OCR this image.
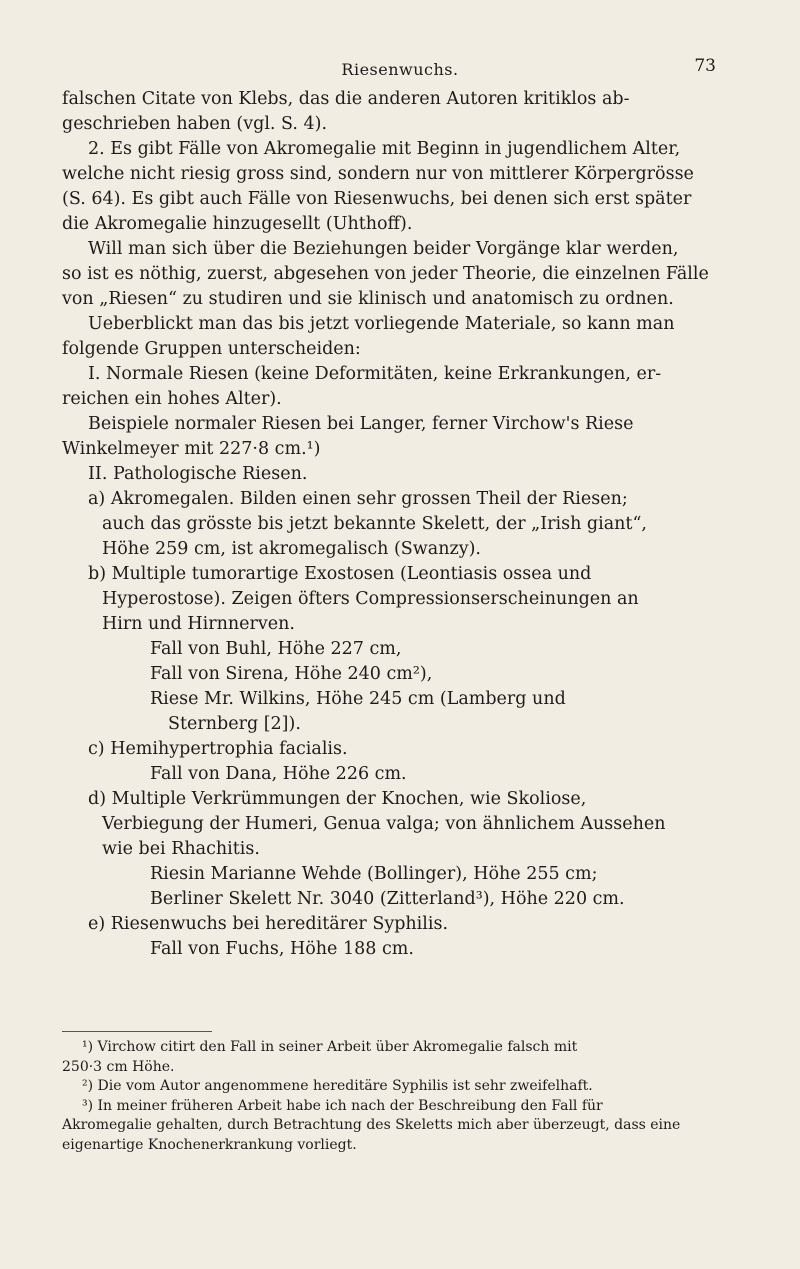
Riesenwuchs.	73

falschen Citate von Klebs, das die anderen Autoren kritiklos ab-

geschrieben haben (vgl. S. 4).

2. Es gibt Fälle von Akromegalie mit Beginn in jugendlichem Alter,

welche nicht riesig gross sind, sondern nur von mittlerer Körpergrösse

(S. 64). Es gibt auch Fälle von Riesenwuchs, bei denen sich erst später

die Akromegalie hinzugesellt (Uhthoff).

Will man sich über die Beziehungen beider Vorgänge klar werden,

so ist es nöthig, zuerst, abgesehen von jeder Theorie, die einzelnen Fälle

von „Riesen“ zu studiren und sie klinisch und anatomisch zu ordnen.

Ueberblickt man das bis jetzt vorliegende Materiale, so kann man

folgende Gruppen unterscheiden:

I. Normale Riesen (keine Deformitäten, keine Erkrankungen, er-

reichen ein hohes Alter).

Beispiele normaler Riesen bei Langer, ferner Virchow's Riese

Winkelmeyer mit 227·8 cm.¹)

II. Pathologische Riesen.

a) Akromegalen. Bilden einen sehr grossen Theil der Riesen;

auch das grösste bis jetzt bekannte Skelett, der „Irish giant“,

Höhe 259 cm, ist akromegalisch (Swanzy).

b) Multiple tumorartige Exostosen (Leontiasis ossea und

Hyperostose). Zeigen öfters Compressionserscheinungen an

Hirn und Hirnnerven.

Fall von Buhl, Höhe 227 cm,

Fall von Sirena, Höhe 240 cm²),

Riese Mr. Wilkins, Höhe 245 cm (Lamberg und

Sternberg [2]).

c) Hemihypertrophia facialis.

Fall von Dana, Höhe 226 cm.

d) Multiple Verkrümmungen der Knochen, wie Skoliose,

Verbiegung der Humeri, Genua valga; von ähnlichem Aussehen

wie bei Rhachitis.

Riesin Marianne Wehde (Bollinger), Höhe 255 cm;

Berliner Skelett Nr. 3040 (Zitterland³), Höhe 220 cm.

e) Riesenwuchs bei hereditärer Syphilis.

Fall von Fuchs, Höhe 188 cm.

¹) Virchow citirt den Fall in seiner Arbeit über Akromegalie falsch mit

250·3 cm Höhe.

²) Die vom Autor angenommene hereditäre Syphilis ist sehr zweifelhaft.

³) In meiner früheren Arbeit habe ich nach der Beschreibung den Fall für

Akromegalie gehalten, durch Betrachtung des Skeletts mich aber überzeugt, dass eine

eigenartige Knochenerkrankung vorliegt.
